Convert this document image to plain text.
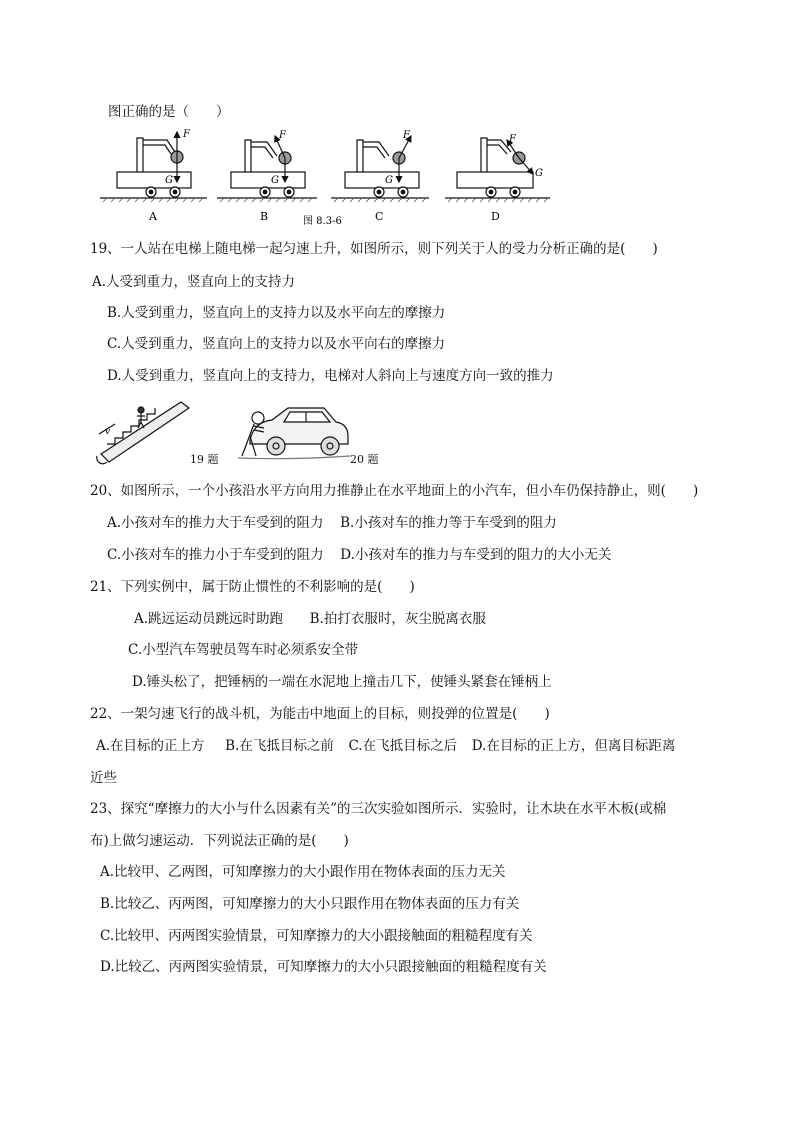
图正确的是（　　）
F
G
F
G
F
G
F
G
A	B	C	D
图 8.3-6
19、一人站在电梯上随电梯一起匀速上升，如图所示，则下列关于人的受力分析正确的是(　　)
A.人受到重力，竖直向上的支持力
B.人受到重力，竖直向上的支持力以及水平向左的摩擦力
C.人受到重力，竖直向上的支持力以及水平向右的摩擦力
D.人受到重力，竖直向上的支持力，电梯对人斜向上与速度方向一致的推力
v
19 题	20 题
20、如图所示，一个小孩沿水平方向用力推静止在水平地面上的小汽车，但小车仍保持静止，则(　　)
A.小孩对车的推力大于车受到的阻力 B.小孩对车的推力等于车受到的阻力
C.小孩对车的推力小于车受到的阻力 D.小孩对车的推力与车受到的阻力的大小无关
21、下列实例中，属于防止惯性的不利影响的是(　　)
A.跳远运动员跳远时助跑 B.拍打衣服时，灰尘脱离衣服
C.小型汽车驾驶员驾车时必须系安全带
D.锤头松了，把锤柄的一端在水泥地上撞击几下，使锤头紧套在锤柄上
22、一架匀速飞行的战斗机，为能击中地面上的目标，则投弹的位置是(　　)
A.在目标的正上方 B.在飞抵目标之前 C.在飞抵目标之后 D.在目标的正上方，但离目标距离
近些
23、探究“摩擦力的大小与什么因素有关”的三次实验如图所示．实验时，让木块在水平木板(或棉
布)上做匀速运动．下列说法正确的是(　　)
A.比较甲、乙两图，可知摩擦力的大小跟作用在物体表面的压力无关
B.比较乙、丙两图，可知摩擦力的大小只跟作用在物体表面的压力有关
C.比较甲、丙两图实验情景，可知摩擦力的大小跟接触面的粗糙程度有关
D.比较乙、丙两图实验情景，可知摩擦力的大小只跟接触面的粗糙程度有关
